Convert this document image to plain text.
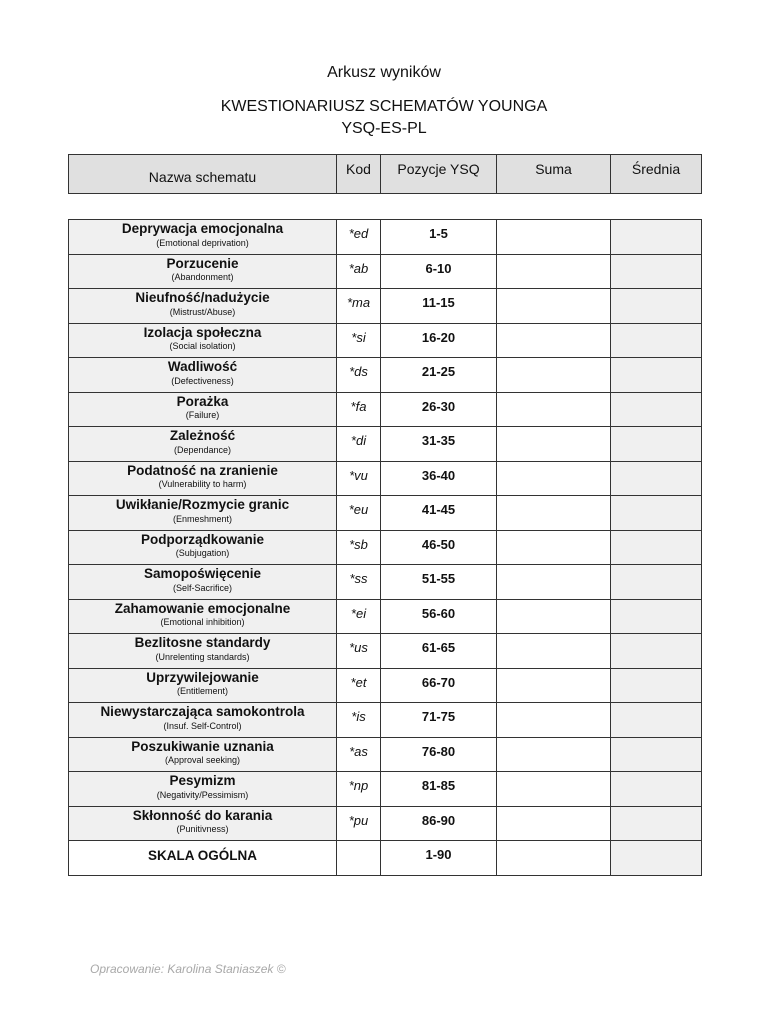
Arkusz wyników
KWESTIONARIUSZ SCHEMATÓW YOUNGA
YSQ-ES-PL
Nazwa schematu	Kod	Pozycje YSQ	Suma	Średnia
Deprywacja emocjonalna
(Emotional deprivation)	*ed	1-5		

Porzucenie
(Abandonment)	*ab	6-10		

Nieufność/nadużycie
(Mistrust/Abuse)	*ma	11-15		

Izolacja społeczna
(Social isolation)	*si	16-20		

Wadliwość
(Defectiveness)	*ds	21-25		

Porażka
(Failure)	*fa	26-30		

Zależność
(Dependance)	*di	31-35		

Podatność na zranienie
(Vulnerability to harm)	*vu	36-40		

Uwikłanie/Rozmycie granic
(Enmeshment)	*eu	41-45		

Podporządkowanie
(Subjugation)	*sb	46-50		

Samopoświęcenie
(Self-Sacrifice)	*ss	51-55		

Zahamowanie emocjonalne
(Emotional inhibition)	*ei	56-60		

Bezlitosne standardy
(Unrelenting standards)	*us	61-65		

Uprzywilejowanie
(Entitlement)	*et	66-70		

Niewystarczająca samokontrola
(Insuf. Self-Control)	*is	71-75		

Poszukiwanie uznania
(Approval seeking)	*as	76-80		

Pesymizm
(Negativity/Pessimism)	*np	81-85		

Skłonność do karania
(Punitivness)	*pu	86-90		
SKALA OGÓLNA		1-90		
Opracowanie: Karolina Staniaszek ©
